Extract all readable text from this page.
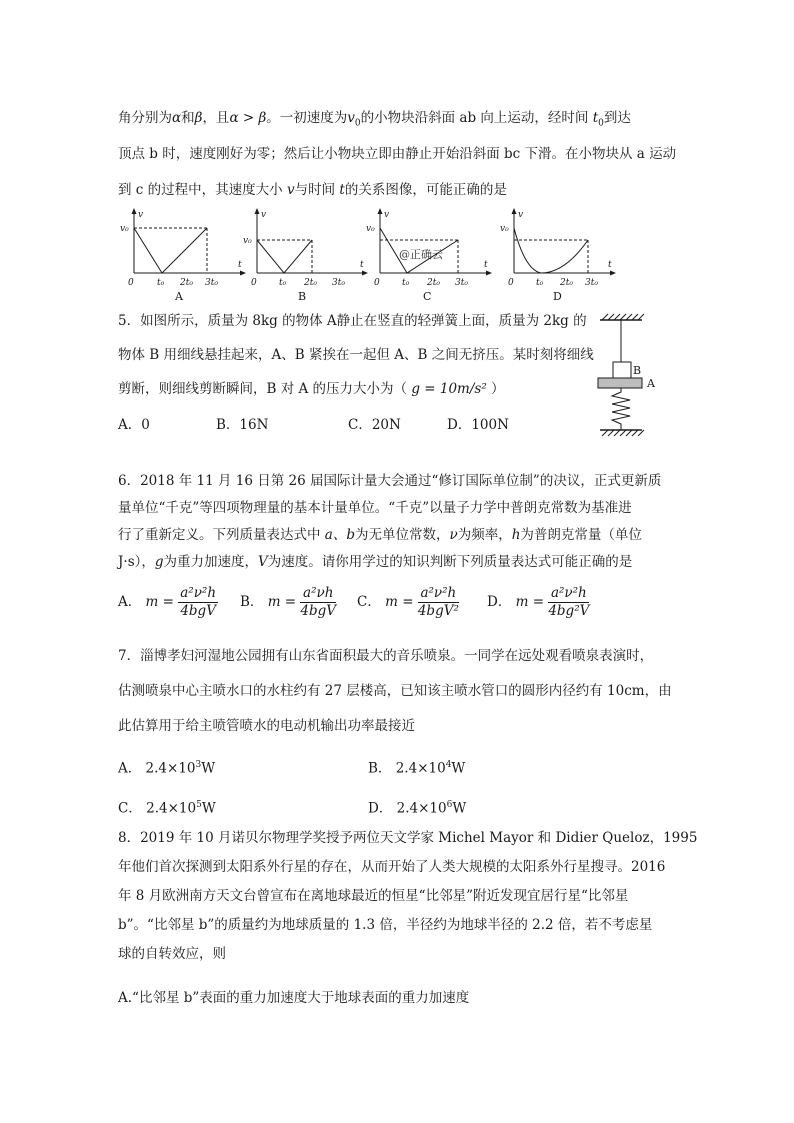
角分别为α和β，且α > β。一初速度为$v_0$的小物块沿斜面 ab 向上运动，经时间 $t_0$到达
顶点 b 时，速度刚好为零；然后让小物块立即由静止开始沿斜面 bc 下滑。在小物块从 a 运动
到 c 的过程中，其速度大小 v与时间 t的关系图像，可能正确的是
v
v₀
t
0	t₀ 2t₀ 3t₀
v
v₀
t
0 t₀ 2t₀ 3t₀
v
v₀
t
0 t₀ 2t₀ 3t₀
v
v₀
t
0 t₀ 2t₀ 3t₀
@正确云
A	B	C	D
5．如图所示，质量为 8kg 的物体 A静止在竖直的轻弹簧上面，质量为 2kg 的
物体 B 用细线悬挂起来，A、B 紧挨在一起但 A、B 之间无挤压。某时刻将细线
剪断，则细线剪断瞬间，B 对 A 的压力大小为（ g = 10m/s² ）
A．0	B．16N	C．20N	D．100N
B
A
6．2018 年 11 月 16 日第 26 届国际计量大会通过“修订国际单位制”的决议，正式更新质
量单位“千克”等四项物理量的基本计量单位。“千克”以量子力学中普朗克常数为基准进
行了重新定义。下列质量表达式中 a、b为无单位常数，ν为频率，h为普朗克常量（单位
J·s），g为重力加速度，V为速度。请你用学过的知识判断下列质量表达式可能正确的是
A． $m = \frac{\text{a²ν²h}}{\text{4bgV}}$ B． $m = \frac{\text{a²νh}}{\text{4bgV}}$ C． $m = \frac{\text{a²ν²h}}{\text{4bgV²}}$ D． $m = \frac{\text{a²ν²h}}{\text{4bg²V}}$
7．淄博孝妇河湿地公园拥有山东省面积最大的音乐喷泉。一同学在远处观看喷泉表演时，
估测喷泉中心主喷水口的水柱约有 27 层楼高，已知该主喷水管口的圆形内径约有 10cm，由
此估算用于给主喷管喷水的电动机输出功率最接近
A． $2.4\times 10^3W$	B． $2.4\times 10^4W$
C． $2.4\times 10^5W$	D． $2.4\times 10^6W$
8．2019 年 10 月诺贝尔物理学奖授予两位天文学家 Michel Mayor 和 Didier Queloz，1995
年他们首次探测到太阳系外行星的存在，从而开始了人类大规模的太阳系外行星搜寻。2016
年 8 月欧洲南方天文台曾宣布在离地球最近的恒星“比邻星”附近发现宜居行星“比邻星
b”。“比邻星 b”的质量约为地球质量的 1.3 倍，半径约为地球半径的 2.2 倍，若不考虑星
球的自转效应，则
A.“比邻星 b”表面的重力加速度大于地球表面的重力加速度
